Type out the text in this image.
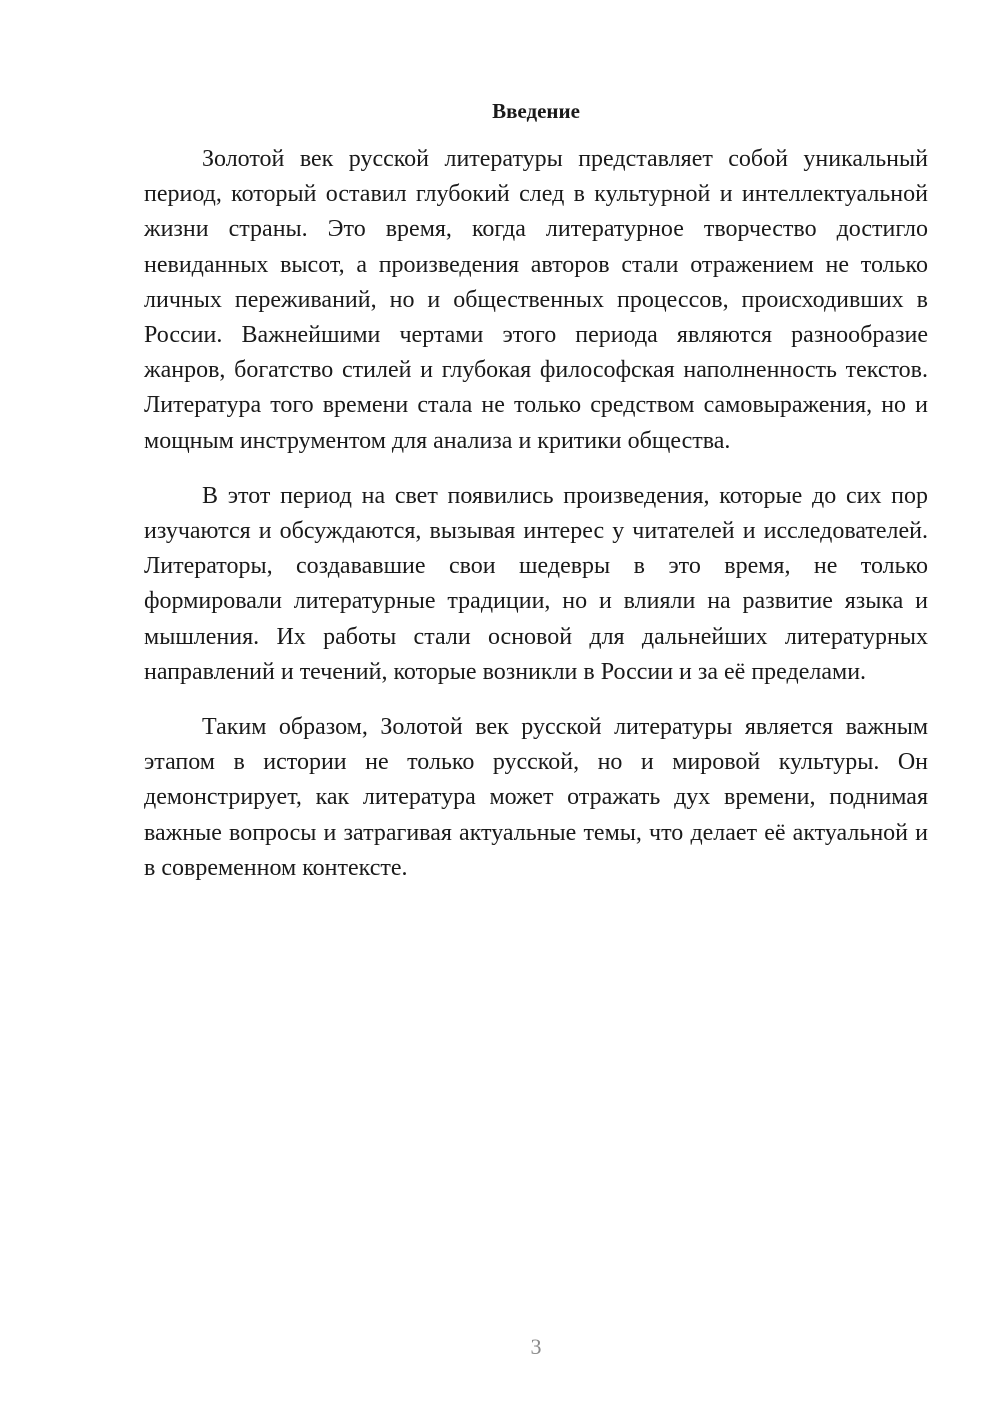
Введение

Золотой век русской литературы представляет собой уникальный период, который оставил глубокий след в культурной и интеллектуальной жизни страны. Это время, когда литературное творчество достигло невиданных высот, а произведения авторов стали отражением не только личных переживаний, но и общественных процессов, происходивших в России. Важнейшими чертами этого периода являются разнообразие жанров, богатство стилей и глубокая философская наполненность текстов. Литература того времени стала не только средством самовыражения, но и мощным инструментом для анализа и критики общества.

В этот период на свет появились произведения, которые до сих пор изучаются и обсуждаются, вызывая интерес у читателей и исследователей. Литераторы, создававшие свои шедевры в это время, не только формировали литературные традиции, но и влияли на развитие языка и мышления. Их работы стали основой для дальнейших литературных направлений и течений, которые возникли в России и за её пределами.

Таким образом, Золотой век русской литературы является важным этапом в истории не только русской, но и мировой культуры. Он демонстрирует, как литература может отражать дух времени, поднимая важные вопросы и затрагивая актуальные темы, что делает её актуальной и в современном контексте.

3
